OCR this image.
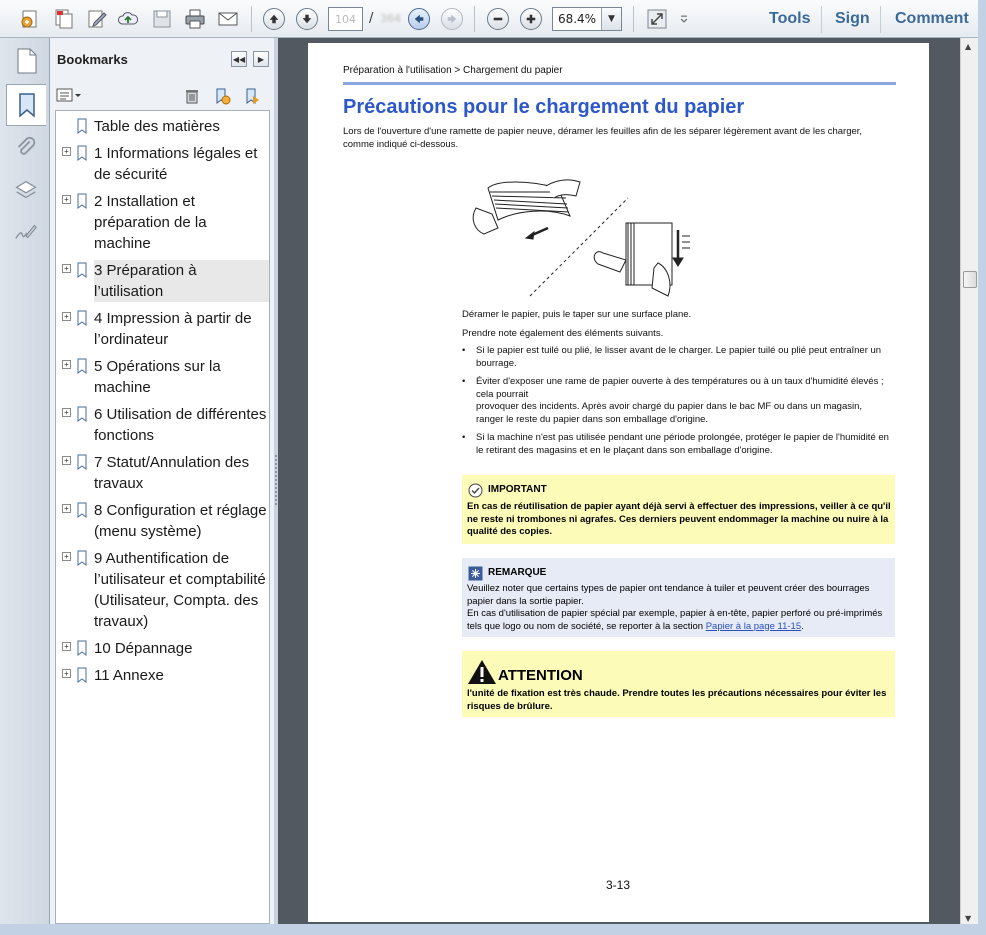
104	/ 364	68.4%	▼	Tools Sign Comment
Bookmarks	◀◀ ▶
Table des matières
+ 1 Informations légales et de sécurité
+ 2 Installation et préparation de la machine
+ 3 Préparation à l’utilisation
+ 4 Impression à partir de l’ordinateur
+ 5 Opérations sur la machine
+ 6 Utilisation de différentes fonctions
+ 7 Statut/Annulation des travaux
+ 8 Configuration et réglage (menu système)
+ 9 Authentification de l’utilisateur et comptabilité (Utilisateur, Compta. des travaux)
+ 10 Dépannage
+ 11 Annexe
Préparation à l'utilisation > Chargement du papier
Précautions pour le chargement du papier
Lors de l'ouverture d'une ramette de papier neuve, déramer les feuilles afin de les séparer légèrement avant de les charger, comme indiqué ci-dessous.
Déramer le papier, puis le taper sur une surface plane.
Prendre note également des éléments suivants.
• Si le papier est tuilé ou plié, le lisser avant de le charger. Le papier tuilé ou plié peut entraîner un bourrage.
• Éviter d'exposer une rame de papier ouverte à des températures ou à un taux d'humidité élevés ; cela pourrait
provoquer des incidents. Après avoir chargé du papier dans le bac MF ou dans un magasin, ranger le reste du papier dans son emballage d'origine.
• Si la machine n'est pas utilisée pendant une période prolongée, protéger le papier de l'humidité en le retirant des magasins et en le plaçant dans son emballage d'origine.
IMPORTANT
En cas de réutilisation de papier ayant déjà servi à effectuer des impressions, veiller à ce qu'il ne reste ni trombones ni agrafes. Ces derniers peuvent endommager la machine ou nuire à la qualité des copies.
REMARQUE
Veuillez noter que certains types de papier ont tendance à tuiler et peuvent créer des bourrages papier dans la sortie papier.
En cas d'utilisation de papier spécial par exemple, papier à en-tête, papier perforé ou pré-imprimés tels que logo ou nom de société, se reporter à la section Papier à la page 11-15.
ATTENTION
l'unité de fixation est très chaude. Prendre toutes les précautions nécessaires pour éviter les risques de brûlure.
3-13
▲
▼
